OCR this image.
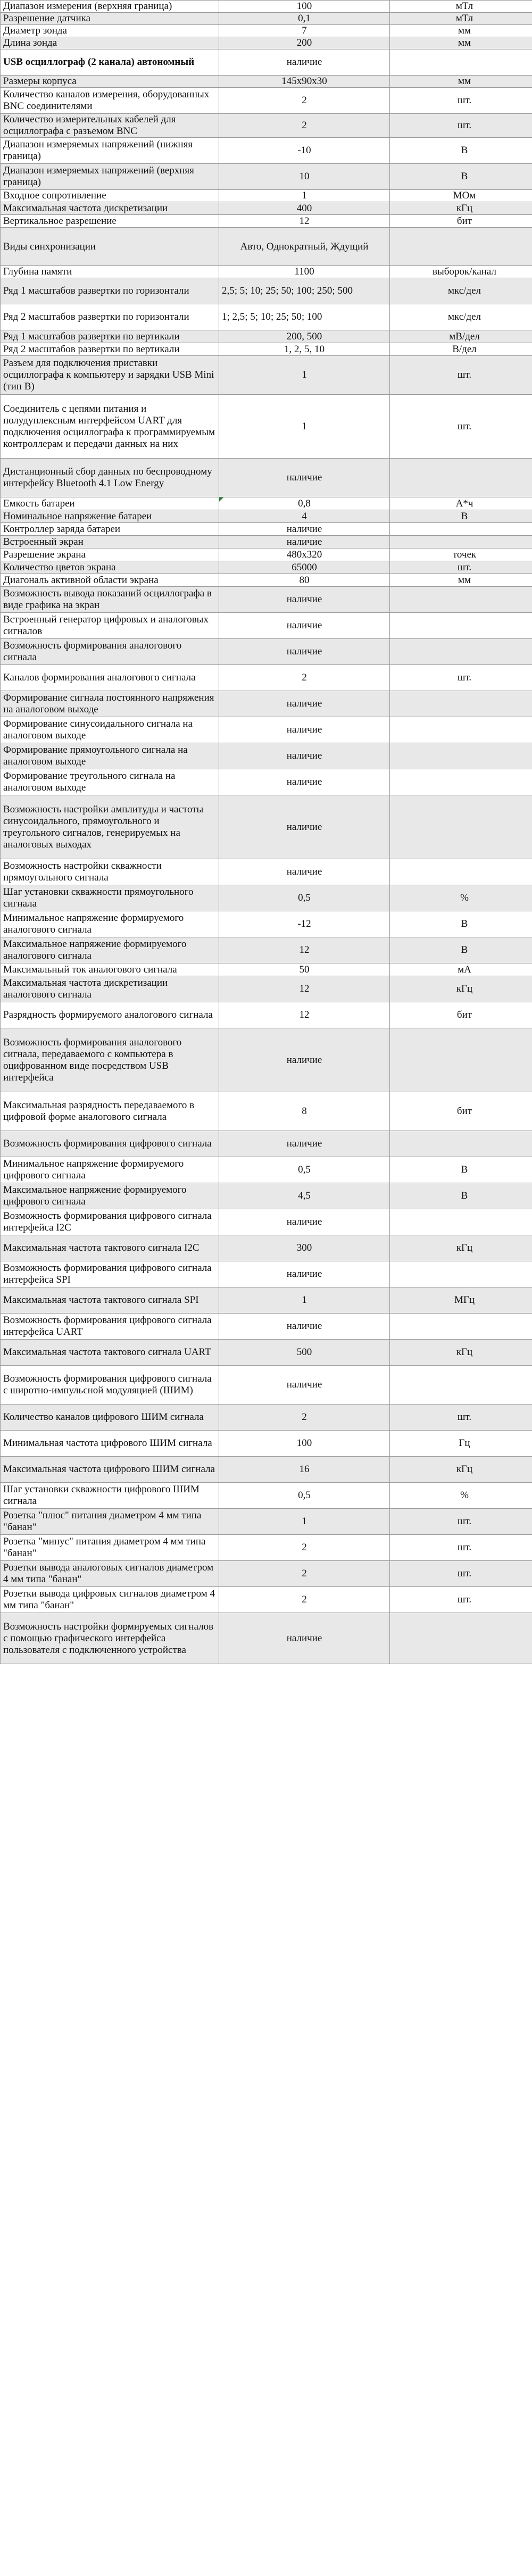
Диапазон измерения (верхняя граница)	100	мТл
Разрешение датчика	0,1	мТл
Диаметр зонда	7	мм
Длина зонда	200	мм
USB осциллограф (2 канала) автономный	наличие	
Размеры корпуса	145х90х30	мм
Количество каналов измерения, оборудованных BNC соединителями	2	шт.
Количество измерительных кабелей для осциллографа с разъемом BNC	2	шт.
Диапазон измеряемых напряжений (нижняя граница)	-10	В
Диапазон измеряемых напряжений (верхняя граница)	10	В
Входное сопротивление	1	МОм
Максимальная частота дискретизации	400	кГц
Вертикальное разрешение	12	бит
Виды синхронизации	Авто, Однократный, Ждущий	
Глубина памяти	1100	выборок/канал
Ряд 1 масштабов развертки по горизонтали	2,5; 5; 10; 25; 50; 100; 250; 500	мкс/дел
Ряд 2 масштабов развертки по горизонтали	1; 2,5; 5; 10; 25; 50; 100	мкс/дел
Ряд 1 масштабов развертки по вертикали	200, 500	мВ/дел
Ряд 2 масштабов развертки по вертикали	1, 2, 5, 10	В/дел
Разъем для подключения приставки осциллографа к компьютеру и зарядки USB Mini (тип B)	1	шт.
Соединитель с цепями питания и полудуплексным интерфейсом UART для подключения осциллографа к программируемым контроллерам и передачи данных на них	1	шт.
Дистанционный сбор данных по беспроводному интерфейсу Bluetooth 4.1 Low Energy	наличие	
Емкость батареи	0,8	А*ч
Номинальное напряжение батареи	4	В
Контроллер заряда батареи	наличие	
Встроенный экран	наличие	
Разрешение экрана	480х320	точек
Количество цветов экрана	65000	шт.
Диагональ активной области экрана	80	мм
Возможность вывода показаний осциллографа в виде графика на экран	наличие	
Встроенный генератор цифровых и аналоговых сигналов	наличие	
Возможность формирования аналогового сигнала	наличие	
Каналов формирования аналогового сигнала	2	шт.
Формирование сигнала постоянного напряжения на аналоговом выходе	наличие	
Формирование синусоидального сигнала на аналоговом выходе	наличие	
Формирование прямоугольного сигнала на аналоговом выходе	наличие	
Формирование треугольного сигнала на аналоговом выходе	наличие	
Возможность настройки амплитуды и частоты синусоидального, прямоугольного и треугольного сигналов, генерируемых на аналоговых выходах	наличие	
Возможность настройки скважности прямоугольного сигнала	наличие	
Шаг установки скважности прямоугольного сигнала	0,5	%
Минимальное напряжение формируемого аналогового сигнала	-12	В
Максимальное напряжение формируемого аналогового сигнала	12	В
Максимальный ток аналогового сигнала	50	мА
Максимальная частота дискретизации аналогового сигнала	12	кГц
Разрядность формируемого аналогового сигнала	12	бит
Возможность формирования аналогового сигнала, передаваемого с компьютера в оцифрованном виде посредством USB интерфейса	наличие	
Максимальная разрядность передаваемого в цифровой форме аналогового сигнала	8	бит
Возможность формирования цифрового сигнала	наличие	
Минимальное напряжение формируемого цифрового сигнала	0,5	В
Максимальное напряжение формируемого цифрового сигнала	4,5	В
Возможность формирования цифрового сигнала интерфейса I2C	наличие	
Максимальная частота тактового сигнала I2C	300	кГц
Возможность формирования цифрового сигнала интерфейса SPI	наличие	
Максимальная частота тактового сигнала SPI	1	МГц
Возможность формирования цифрового сигнала интерфейса UART	наличие	
Максимальная частота тактового сигнала UART	500	кГц
Возможность формирования цифрового сигнала с широтно-импульсной модуляцией (ШИМ)	наличие	
Количество каналов цифрового ШИМ сигнала	2	шт.
Минимальная частота цифрового ШИМ сигнала	100	Гц
Максимальная частота цифрового ШИМ сигнала	16	кГц
Шаг установки скважности цифрового ШИМ сигнала	0,5	%
Розетка "плюс" питания диаметром 4 мм типа "банан"	1	шт.
Розетка "минус" питания диаметром 4 мм типа "банан"	2	шт.
Розетки вывода аналоговых сигналов диаметром 4 мм типа "банан"	2	шт.
Розетки вывода цифровых сигналов диаметром 4 мм типа "банан"	2	шт.
Возможность настройки формируемых сигналов с помощью графического интерфейса пользователя с подключенного устройства	наличие	
